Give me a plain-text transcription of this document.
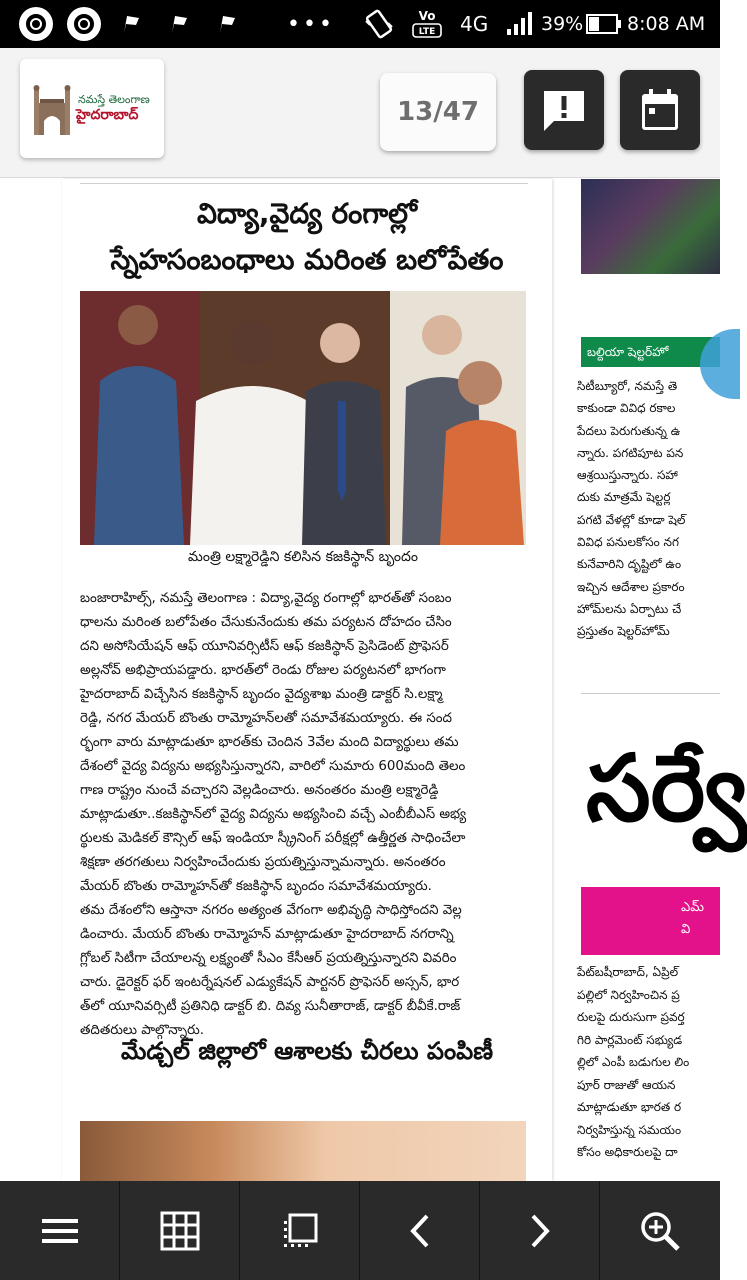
•••	Vo
LTE 4G	39% 8:08 AM
నమస్తే తెలంగాణ
హైదరాబాద్	13/47
విద్యా,వైద్య రంగాల్లో
స్నేహసంబంధాలు మరింత బలోపేతం
మంత్రి లక్ష్మారెడ్డిని కలిసిన కజకిస్థాన్ బృందం
బంజారాహిల్స్, నమస్తే తెలంగాణ : విద్యా,వైద్య రంగాల్లో భారత్‌తో సంబం
ధాలను మరింత బలోపేతం చేసుకునేందుకు తమ పర్యటన దోహదం చేసిం
దని అసోసియేషన్ ఆఫ్ యూనివర్సిటీస్ ఆఫ్ కజకిస్థాన్ ప్రెసిడెంట్ ప్రొఫెసర్
అల్లనోవ్ అభిప్రాయపడ్డారు. భారత్‌లో రెండు రోజుల పర్యటనలో భాగంగా
హైదరాబాద్ విచ్చేసిన కజకిస్థాన్ బృందం వైద్యశాఖ మంత్రి డాక్టర్ సి.లక్ష్మా
రెడ్డి, నగర మేయర్ బొంతు రామ్మోహన్‌లతో సమావేశమయ్యారు. ఈ సంద
ర్భంగా వారు మాట్లాడుతూ భారత్‌కు చెందిన 3వేల మంది విద్యార్థులు తమ
దేశంలో వైద్య విద్యను అభ్యసిస్తున్నారని, వారిలో సుమారు 600మంది తెలం
గాణ రాష్ట్రం నుంచే వచ్చారని వెల్లడించారు. అనంతరం మంత్రి లక్ష్మారెడ్డి
మాట్లాడుతూ..కజకిస్థాన్‌లో వైద్య విద్యను అభ్యసించి వచ్చే ఎంబీబీఎస్ అభ్య
ర్థులకు మెడికల్ కౌన్సిల్ ఆఫ్ ఇండియా స్క్రీనింగ్ పరీక్షల్లో ఉత్తీర్ణత సాధించేలా
శిక్షణా తరగతులు నిర్వహించేందుకు ప్రయత్నిస్తున్నామన్నారు. అనంతరం
మేయర్ బొంతు రామ్మోహన్‌తో కజకిస్థాన్ బృందం సమావేశమయ్యారు.
తమ దేశంలోని ఆస్తానా నగరం అత్యంత వేగంగా అభివృద్ధి సాధిస్తోందని వెల్ల
డించారు. మేయర్ బొంతు రామ్మోహన్ మాట్లాడుతూ హైదరాబాద్ నగరాన్ని
గ్లోబల్ సిటీగా చేయాలన్న లక్ష్యంతో సీఎం కేసీఆర్ ప్రయత్నిస్తున్నారని వివరిం
చారు. డైరెక్టర్ ఫర్ ఇంటర్నేషనల్ ఎడ్యుకేషన్ పార్టనర్ ప్రొఫెసర్ అస్సన్, భార
త్‌లో యూనివర్సిటీ ప్రతినిధి డాక్టర్ బి. దివ్య సునీతారాజ్, డాక్టర్ బీవీకే.రాజ్
తదితరులు పాల్గొన్నారు.
మేడ్చల్ జిల్లాలో ఆశాలకు చీరలు పంపిణీ
బల్దియా షెల్టర్‌హో
సిటీబ్యూరో, నమస్తే తె
కాకుండా వివిధ రకాల
పేదలు పెరుగుతున్న ఉ
న్నారు. పగటిపూట పన
ఆశ్రయిస్తున్నారు. సహా
దుకు మాత్రమే షెల్టర్ల
పగటి వేళల్లో కూడా షెల్
వివిధ పనులకోసం నగ
కునేవారిని దృష్టిలో ఉం
ఇచ్చిన ఆదేశాల ప్రకారం
హోమ్‌లను ఏర్పాటు చే
ప్రస్తుతం షెల్టర్‌హోమ్
సర్వే
ఎమ్
వి
పేట్‌బషీరాబాద్, ఏప్రిల్
పల్లిలో నిర్వహించిన ప్ర
రులపై దురుసుగా ప్రవర్త
గిరి పార్లమెంట్ సభ్యుడ
ల్లిలో ఎంపీ బడుగుల లిం
పూర్ రాజుతో ఆయన
మాట్లాడుతూ భారత ర
నిర్వహిస్తున్న సమయం
కోసం అధికారులపై దా
